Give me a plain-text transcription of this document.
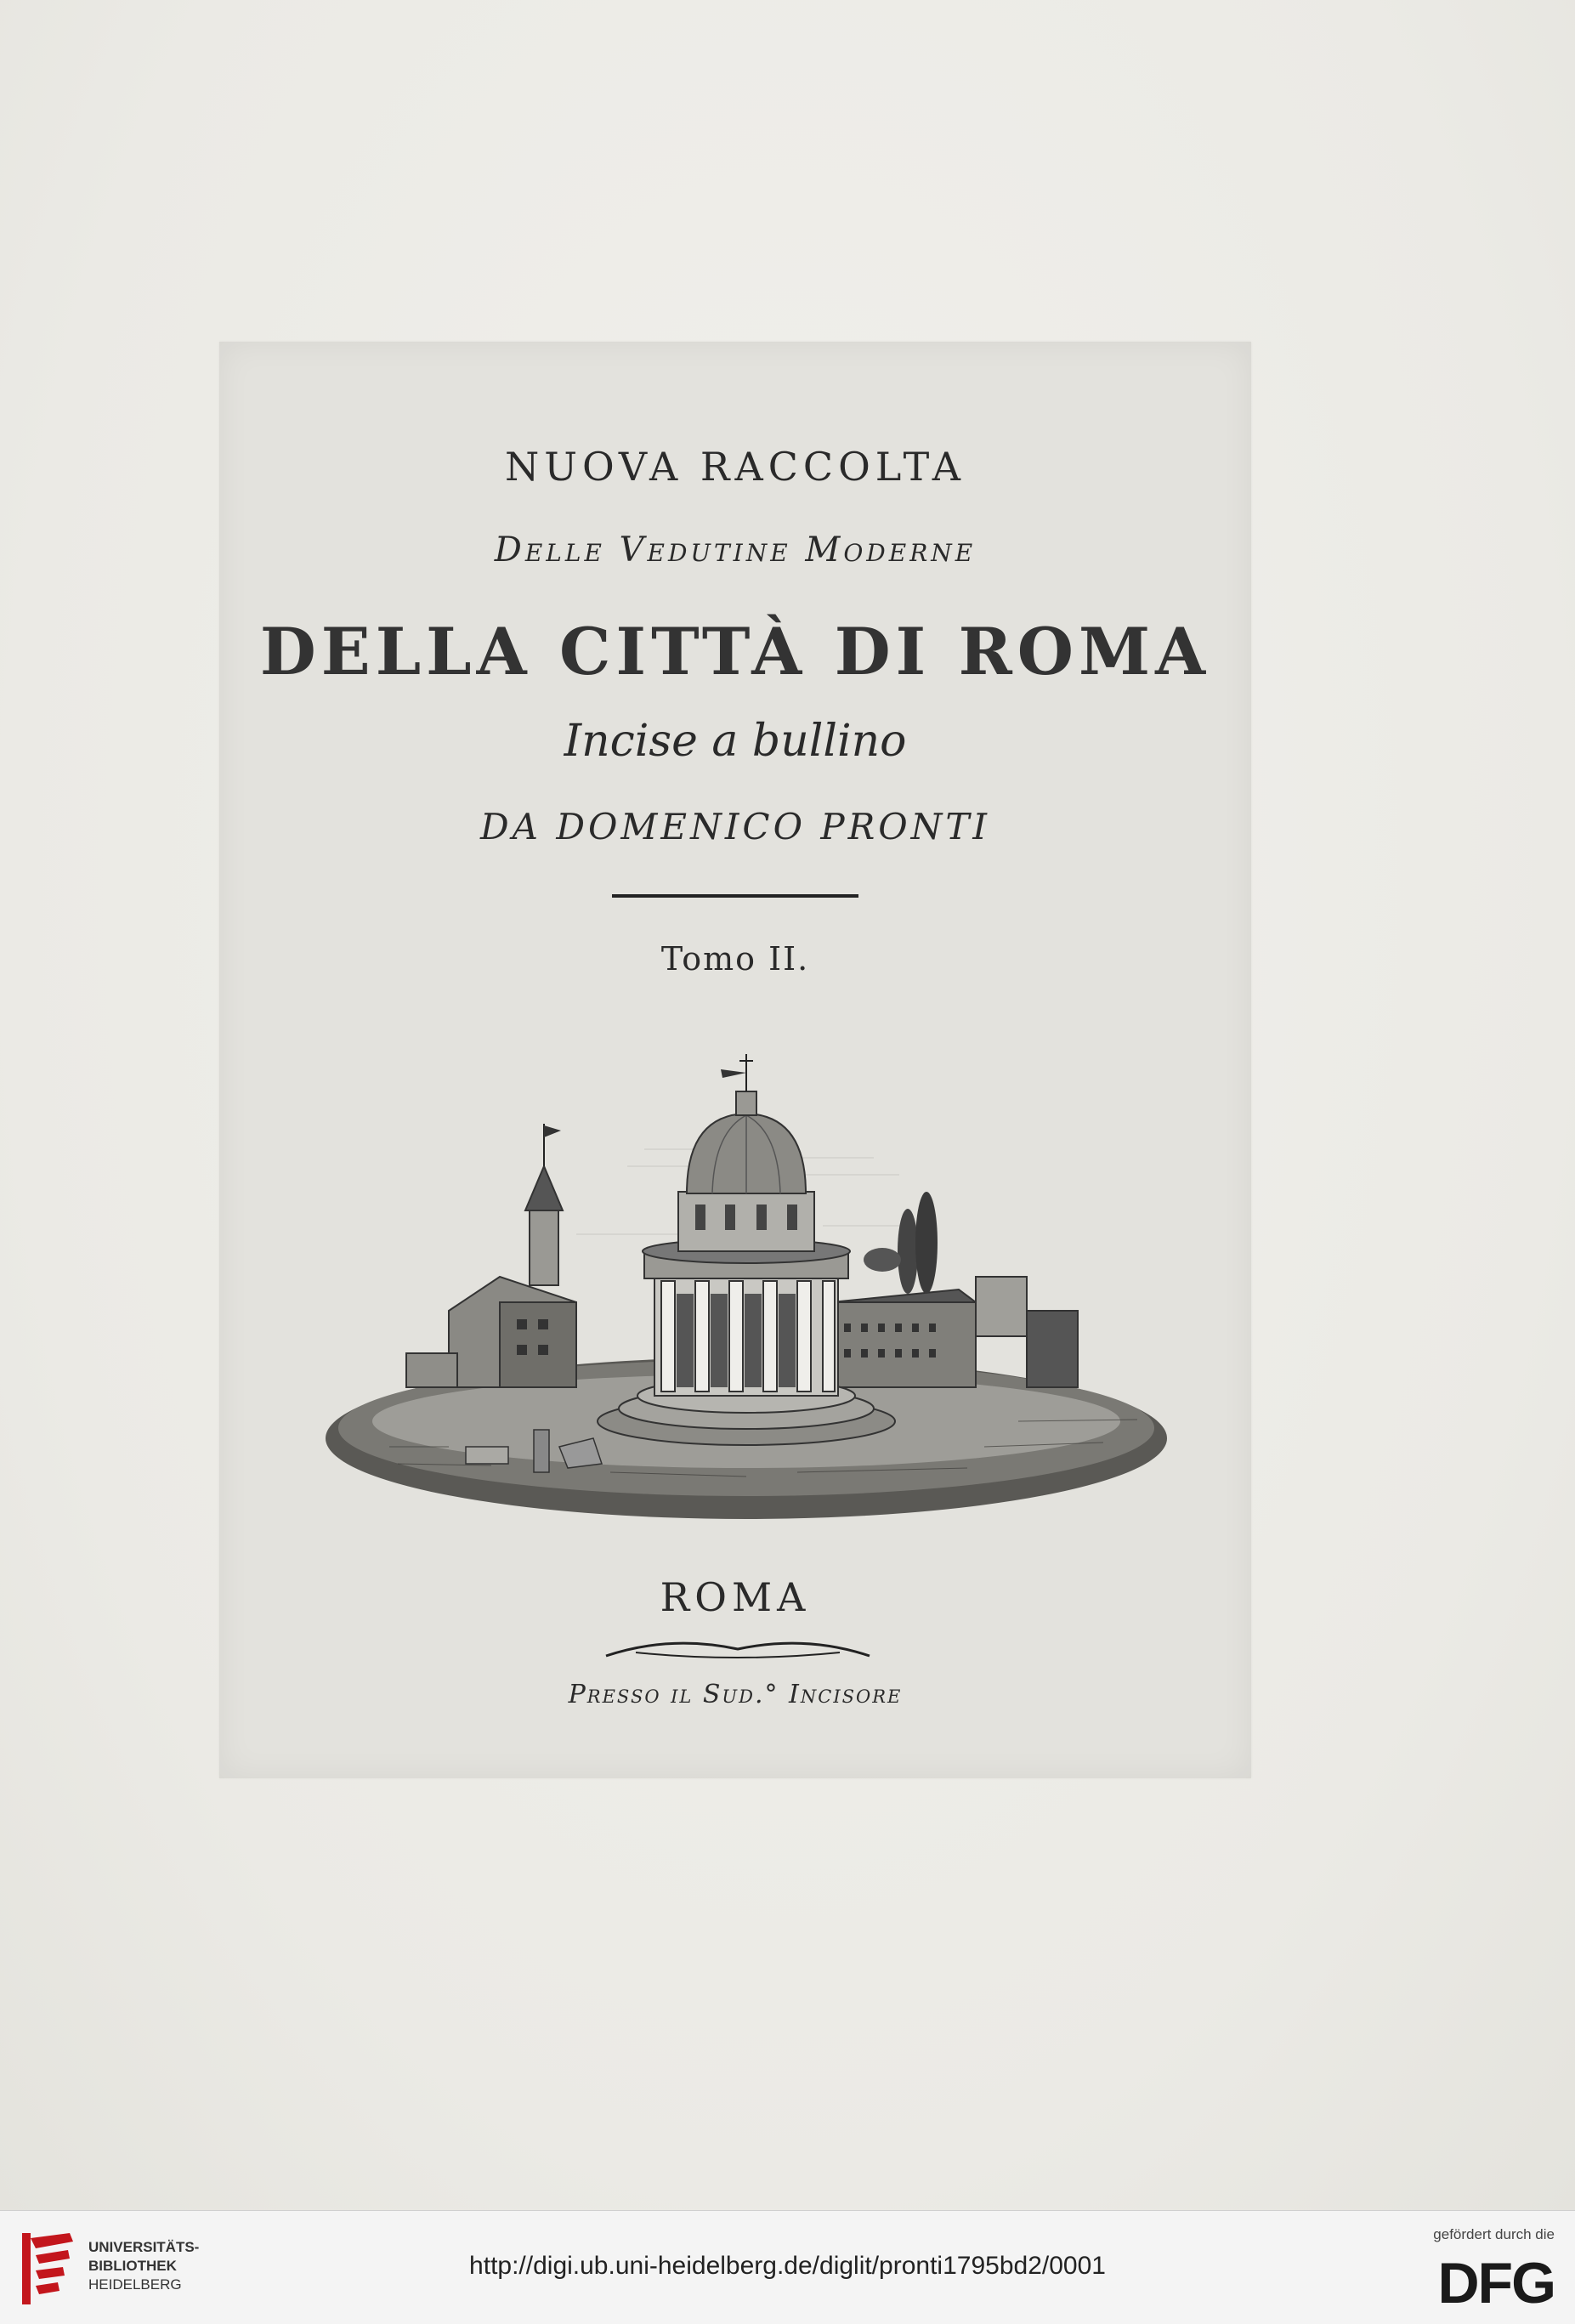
NUOVA RACCOLTA
Delle Vedutine Moderne
DELLA CITTÀ DI ROMA
Incise a bullino
DA DOMENICO PRONTI
Tomo II.
ROMA
Presso il Sud.° Incisore
UNIVERSITÄTS-
BIBLIOTHEK
HEIDELBERG
http://digi.ub.uni-heidelberg.de/diglit/pronti1795bd2/0001
gefördert durch die
DFG
